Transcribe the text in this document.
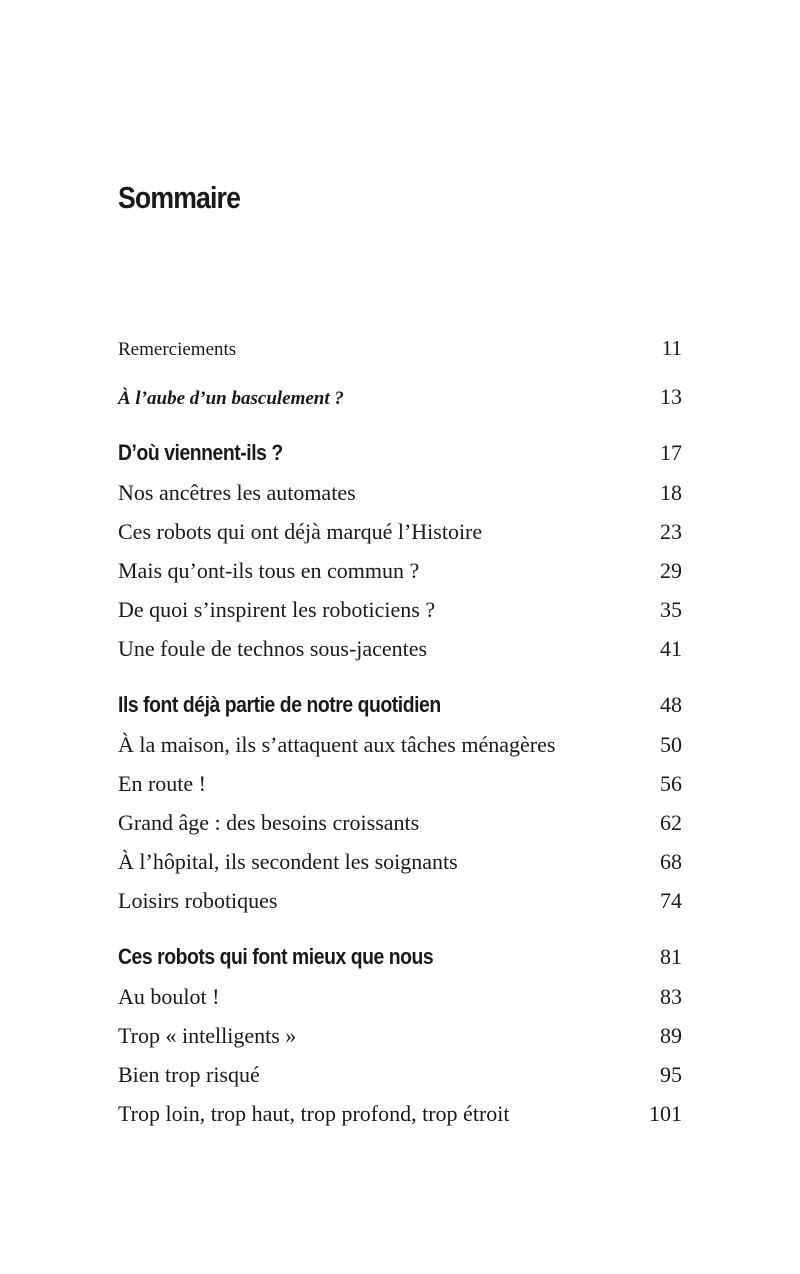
Sommaire
Remerciements	11
À l’aube d’un basculement ?	13
D’où viennent-ils ?	17
Nos ancêtres les automates	18
Ces robots qui ont déjà marqué l’Histoire	23
Mais qu’ont-ils tous en commun ?	29
De quoi s’inspirent les roboticiens ?	35
Une foule de technos sous-jacentes	41
Ils font déjà partie de notre quotidien	48
À la maison, ils s’attaquent aux tâches ménagères	50
En route !	56
Grand âge : des besoins croissants	62
À l’hôpital, ils secondent les soignants	68
Loisirs robotiques	74
Ces robots qui font mieux que nous	81
Au boulot !	83
Trop « intelligents »	89
Bien trop risqué	95
Trop loin, trop haut, trop profond, trop étroit	101
